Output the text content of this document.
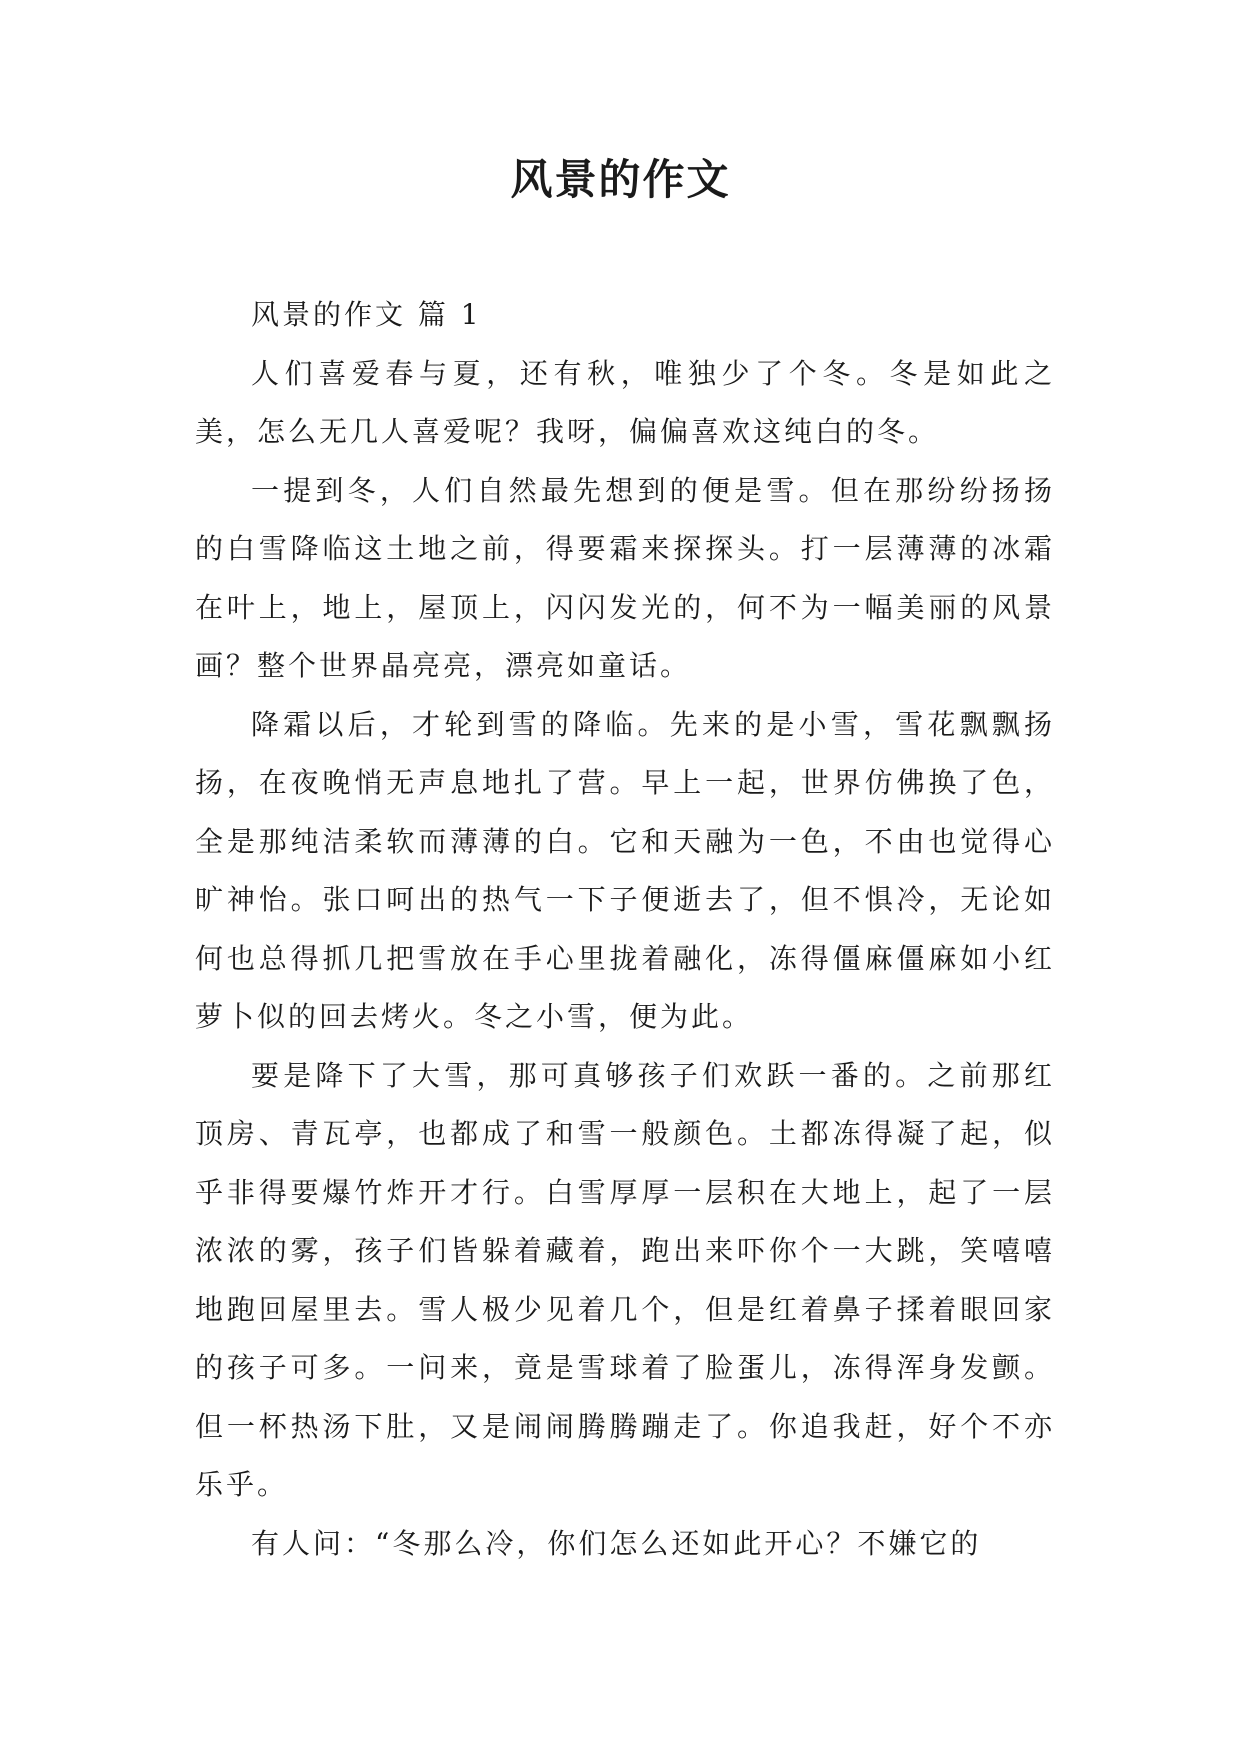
风景的作文

风景的作文 篇 1

人们喜爱春与夏，还有秋，唯独少了个冬。冬是如此之美，怎么无几人喜爱呢？我呀，偏偏喜欢这纯白的冬。

一提到冬，人们自然最先想到的便是雪。但在那纷纷扬扬的白雪降临这土地之前，得要霜来探探头。打一层薄薄的冰霜在叶上，地上，屋顶上，闪闪发光的，何不为一幅美丽的风景画？整个世界晶亮亮，漂亮如童话。

降霜以后，才轮到雪的降临。先来的是小雪，雪花飘飘扬扬，在夜晚悄无声息地扎了营。早上一起，世界仿佛换了色，全是那纯洁柔软而薄薄的白。它和天融为一色，不由也觉得心旷神怡。张口呵出的热气一下子便逝去了，但不惧冷，无论如何也总得抓几把雪放在手心里拢着融化，冻得僵麻僵麻如小红萝卜似的回去烤火。冬之小雪，便为此。

要是降下了大雪，那可真够孩子们欢跃一番的。之前那红顶房、青瓦亭，也都成了和雪一般颜色。土都冻得凝了起，似乎非得要爆竹炸开才行。白雪厚厚一层积在大地上，起了一层浓浓的雾，孩子们皆躲着藏着，跑出来吓你个一大跳，笑嘻嘻地跑回屋里去。雪人极少见着几个，但是红着鼻子揉着眼回家的孩子可多。一问来，竟是雪球着了脸蛋儿，冻得浑身发颤。但一杯热汤下肚，又是闹闹腾腾蹦走了。你追我赶，好个不亦乐乎。

有人问：“冬那么冷，你们怎么还如此开心？不嫌它的
